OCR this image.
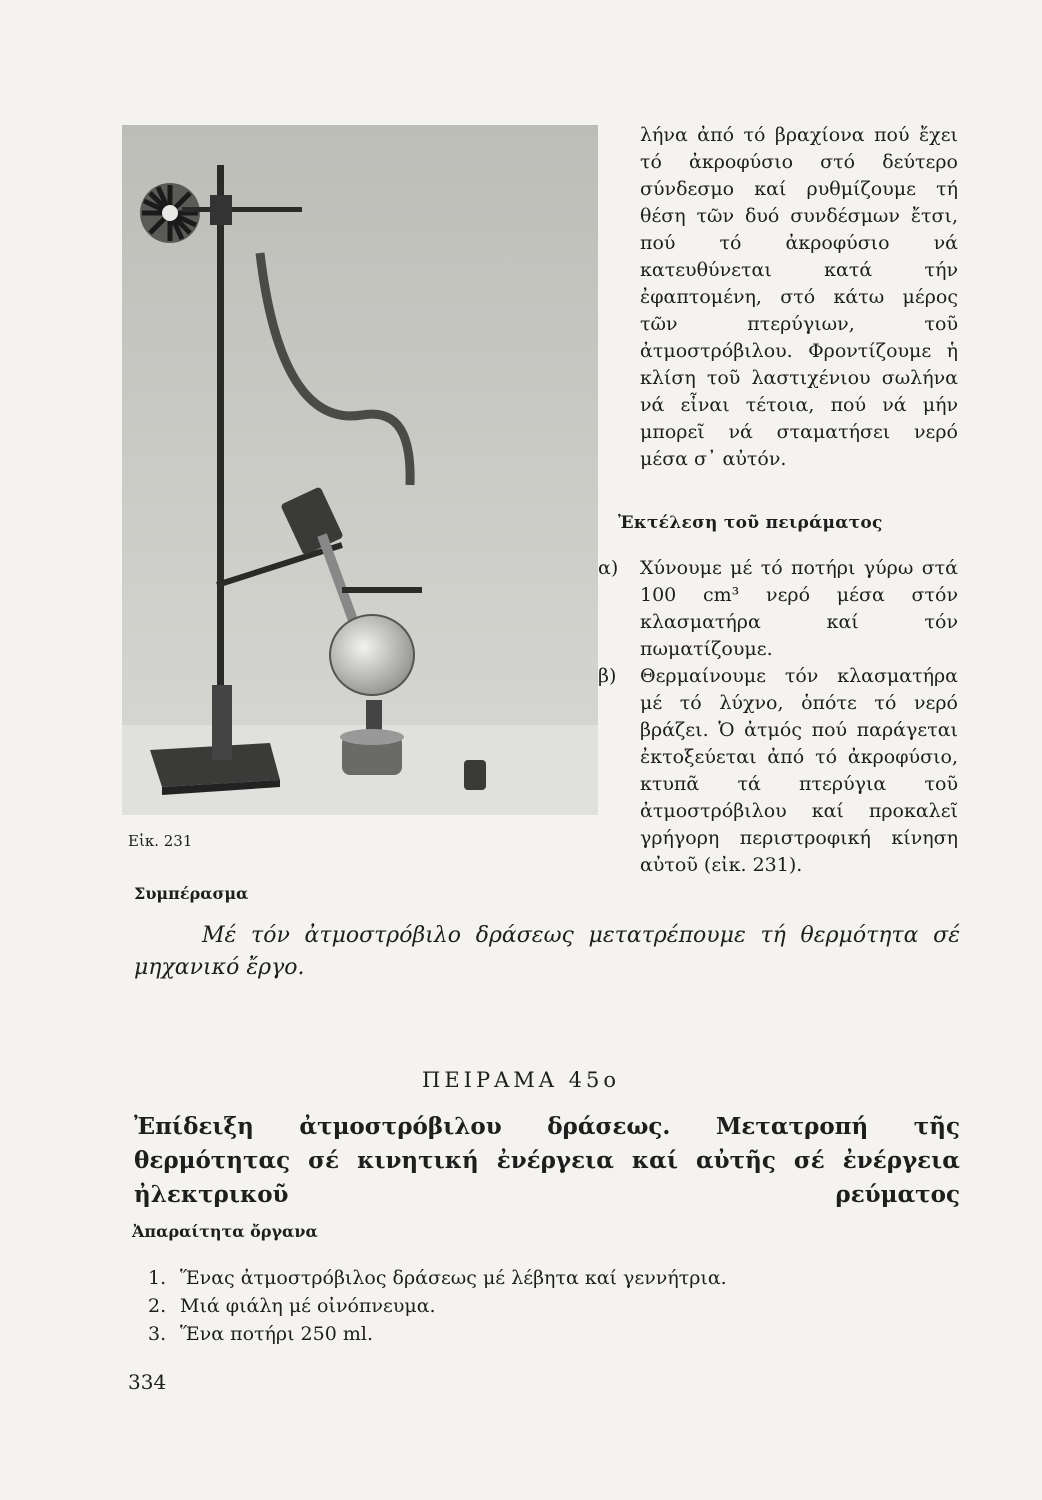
λήνα ἀπό τό βραχίονα πού ἔχει τό ἀκροφύσιο στό δεύτερο σύνδεσμο καί ρυθμίζουμε τή θέση τῶν δυό συνδέσμων ἔτσι, πού τό ἀκροφύσιο νά κατευθύνεται κατά τήν ἐφαπτομένη, στό κάτω μέρος τῶν πτερύγιων, τοῦ ἀτμοστρόβιλου. Φροντίζουμε ἡ κλίση τοῦ λαστιχένιου σωλήνα νά εἶναι τέτοια, πού νά μήν μπορεῖ νά σταματήσει νερό μέσα σ᾿ αὐτόν.

Ἐκτέλεση τοῦ πειράματος
α)	Χύνουμε μέ τό ποτήρι γύρω στά 100 cm³ νερό μέσα στόν κλασματήρα καί τόν πωματίζουμε.
β)	Θερμαίνουμε τόν κλασματήρα μέ τό λύχνο, ὁπότε τό νερό βράζει. Ὁ ἀτμός πού παράγεται ἐκτοξεύεται ἀπό τό ἀκροφύσιο, κτυπᾶ τά πτερύγια τοῦ ἀτμοστρόβιλου καί προκαλεῖ γρήγορη περιστροφική κίνηση αὐτοῦ (εἰκ. 231).
Εἰκ. 231
Συμπέρασμα
Μέ τόν ἀτμοστρόβιλο δράσεως μετατρέπουμε τή θερμότητα σέ μηχανικό ἔργο.
ΠΕΙΡΑΜΑ 45ο
Ἐπίδειξη ἀτμοστρόβιλου δράσεως. Μετατροπή τῆς θερμότητας σέ κινητική ἐνέργεια καί αὐτῆς σέ ἐνέργεια ἠλεκτρικοῦ ρεύματος
Ἀπαραίτητα ὄργανα
1. Ἕνας ἀτμοστρόβιλος δράσεως μέ λέβητα καί γεννήτρια.
2. Μιά φιάλη μέ οἰνόπνευμα.
3. Ἕνα ποτήρι 250 ml.
334
